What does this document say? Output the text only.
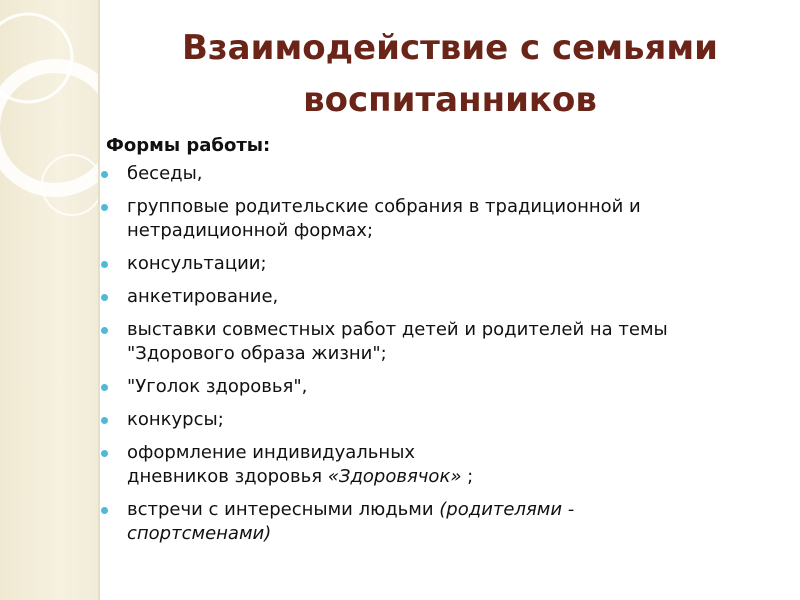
Взаимодействие с семьями
воспитанников
Формы работы:
беседы,
групповые родительские собрания в традиционной и
нетрадиционной формах;
консультации;
анкетирование,
выставки совместных работ детей и родителей на темы
"Здорового образа жизни";
"Уголок здоровья",
конкурсы;
оформление индивидуальных
дневников здоровья «Здоровячок» ;
встречи с интересными людьми (родителями -
спортсменами)
